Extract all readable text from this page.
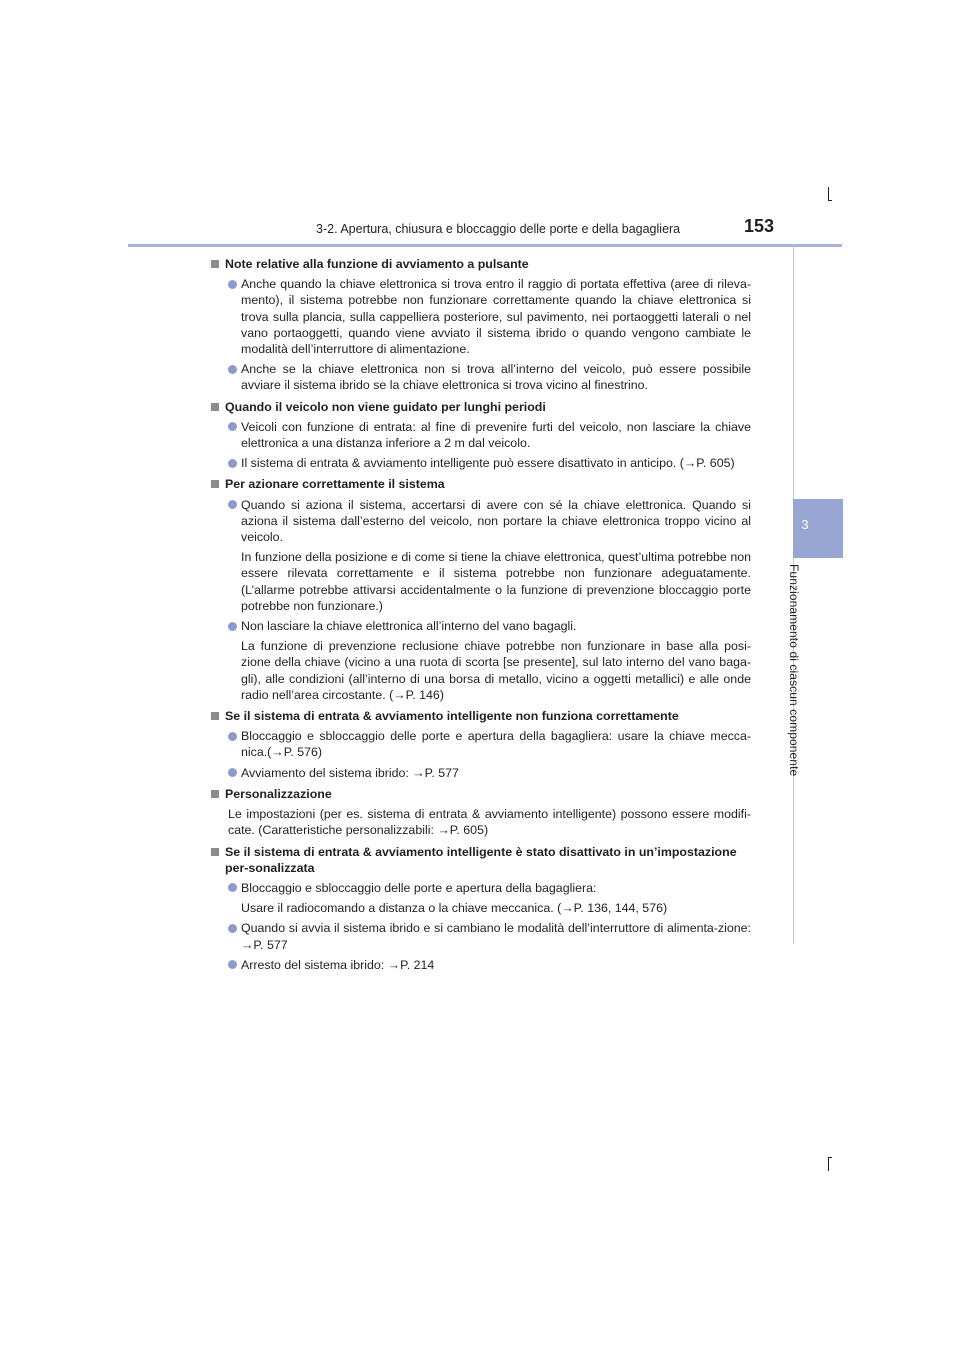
3-2. Apertura, chiusura e bloccaggio delle porte e della bagagliera	153
3
Funzionamento di ciascun componente
Note relative alla funzione di avviamento a pulsante
Anche quando la chiave elettronica si trova entro il raggio di portata effettiva (aree di rileva-mento), il sistema potrebbe non funzionare correttamente quando la chiave elettronica si trova sulla plancia, sulla cappelliera posteriore, sul pavimento, nei portaoggetti laterali o nel vano portaoggetti, quando viene avviato il sistema ibrido o quando vengono cambiate le modalità dell’interruttore di alimentazione.
Anche se la chiave elettronica non si trova all’interno del veicolo, può essere possibile avviare il sistema ibrido se la chiave elettronica si trova vicino al finestrino.
Quando il veicolo non viene guidato per lunghi periodi
Veicoli con funzione di entrata: al fine di prevenire furti del veicolo, non lasciare la chiave elettronica a una distanza inferiore a 2 m dal veicolo.
Il sistema di entrata & avviamento intelligente può essere disattivato in anticipo. (→P. 605)
Per azionare correttamente il sistema
Quando si aziona il sistema, accertarsi di avere con sé la chiave elettronica. Quando si aziona il sistema dall’esterno del veicolo, non portare la chiave elettronica troppo vicino al veicolo.
In funzione della posizione e di come si tiene la chiave elettronica, quest’ultima potrebbe non essere rilevata correttamente e il sistema potrebbe non funzionare adeguatamente. (L’allarme potrebbe attivarsi accidentalmente o la funzione di prevenzione bloccaggio porte potrebbe non funzionare.)
Non lasciare la chiave elettronica all’interno del vano bagagli.
La funzione di prevenzione reclusione chiave potrebbe non funzionare in base alla posi-zione della chiave (vicino a una ruota di scorta [se presente], sul lato interno del vano baga-gli), alle condizioni (all’interno di una borsa di metallo, vicino a oggetti metallici) e alle onde radio nell’area circostante. (→P. 146)
Se il sistema di entrata & avviamento intelligente non funziona correttamente
Bloccaggio e sbloccaggio delle porte e apertura della bagagliera: usare la chiave mecca-nica.(→P. 576)
Avviamento del sistema ibrido: →P. 577
Personalizzazione
Le impostazioni (per es. sistema di entrata & avviamento intelligente) possono essere modifi-cate. (Caratteristiche personalizzabili: →P. 605)
Se il sistema di entrata & avviamento intelligente è stato disattivato in un’impostazione per-sonalizzata
Bloccaggio e sbloccaggio delle porte e apertura della bagagliera:
Usare il radiocomando a distanza o la chiave meccanica. (→P. 136, 144, 576)
Quando si avvia il sistema ibrido e si cambiano le modalità dell’interruttore di alimenta-zione: →P. 577
Arresto del sistema ibrido: →P. 214
